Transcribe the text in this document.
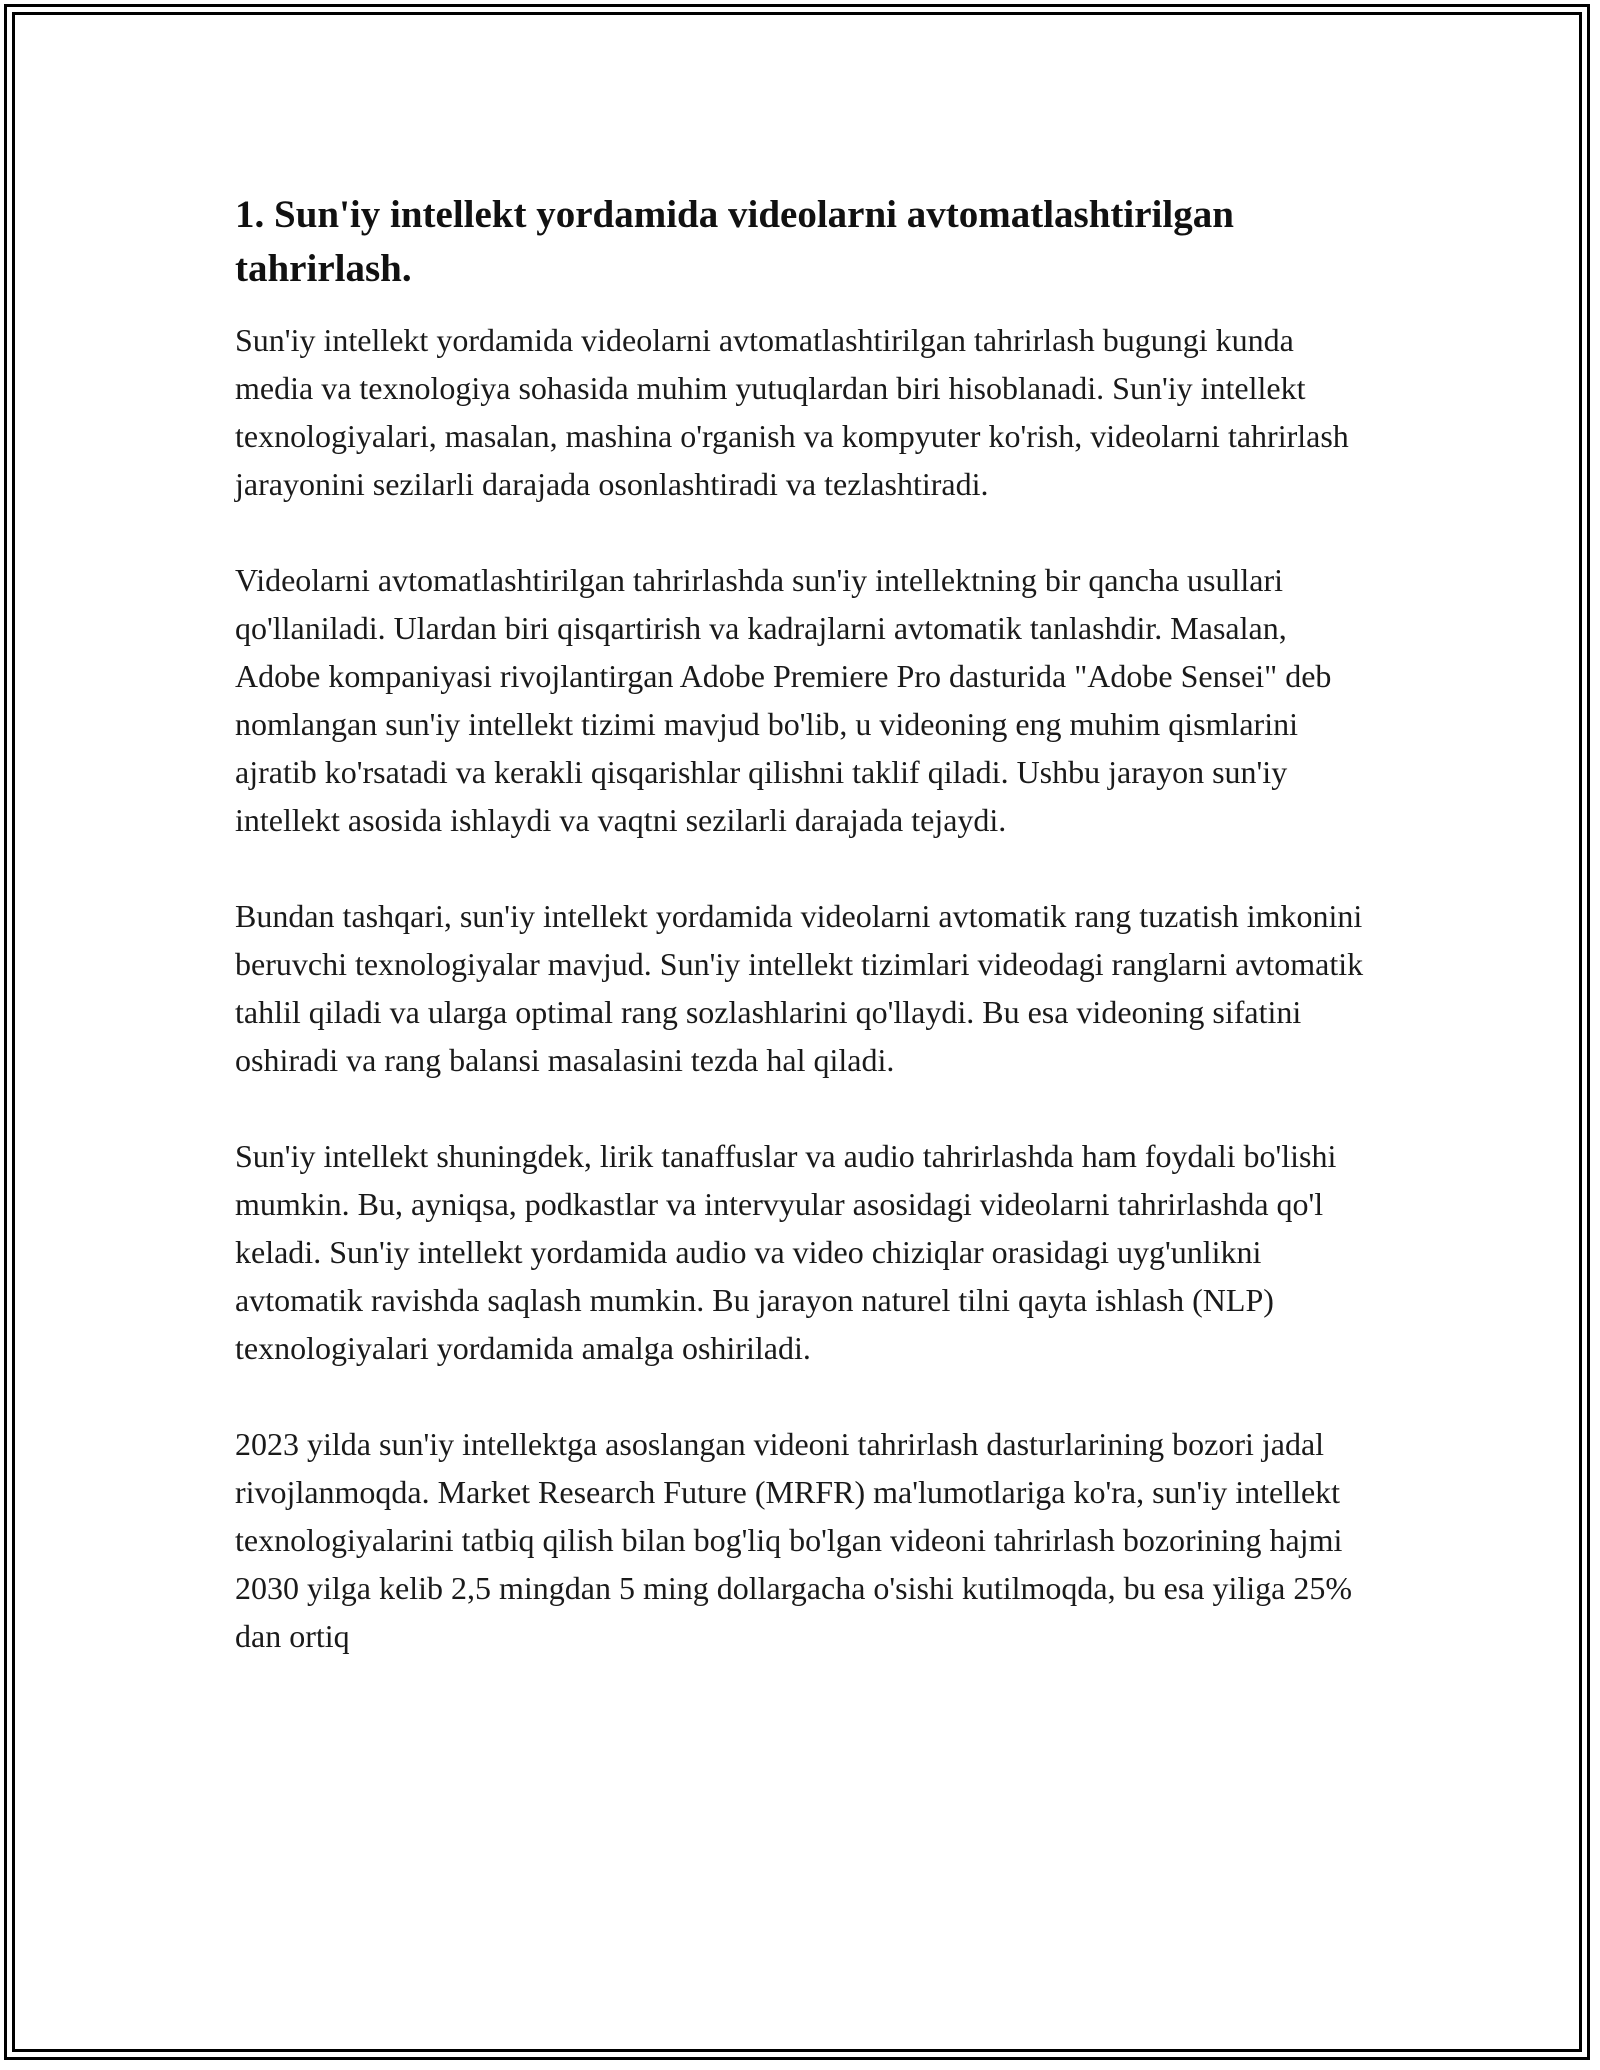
1. Sun'iy intellekt yordamida videolarni avtomatlashtirilgan tahrirlash.

Sun'iy intellekt yordamida videolarni avtomatlashtirilgan tahrirlash bugungi kunda media va texnologiya sohasida muhim yutuqlardan biri hisoblanadi. Sun'iy intellekt texnologiyalari, masalan, mashina o'rganish va kompyuter ko'rish, videolarni tahrirlash jarayonini sezilarli darajada osonlashtiradi va tezlashtiradi.

Videolarni avtomatlashtirilgan tahrirlashda sun'iy intellektning bir qancha usullari qo'llaniladi. Ulardan biri qisqartirish va kadrajlarni avtomatik tanlashdir. Masalan, Adobe kompaniyasi rivojlantirgan Adobe Premiere Pro dasturida "Adobe Sensei" deb nomlangan sun'iy intellekt tizimi mavjud bo'lib, u videoning eng muhim qismlarini ajratib ko'rsatadi va kerakli qisqarishlar qilishni taklif qiladi. Ushbu jarayon sun'iy intellekt asosida ishlaydi va vaqtni sezilarli darajada tejaydi.

Bundan tashqari, sun'iy intellekt yordamida videolarni avtomatik rang tuzatish imkonini beruvchi texnologiyalar mavjud. Sun'iy intellekt tizimlari videodagi ranglarni avtomatik tahlil qiladi va ularga optimal rang sozlashlarini qo'llaydi. Bu esa videoning sifatini oshiradi va rang balansi masalasini tezda hal qiladi.

Sun'iy intellekt shuningdek, lirik tanaffuslar va audio tahrirlashda ham foydali bo'lishi mumkin. Bu, ayniqsa, podkastlar va intervyular asosidagi videolarni tahrirlashda qo'l keladi. Sun'iy intellekt yordamida audio va video chiziqlar orasidagi uyg'unlikni avtomatik ravishda saqlash mumkin. Bu jarayon naturel tilni qayta ishlash (NLP) texnologiyalari yordamida amalga oshiriladi.

2023 yilda sun'iy intellektga asoslangan videoni tahrirlash dasturlarining bozori jadal rivojlanmoqda. Market Research Future (MRFR) ma'lumotlariga ko'ra, sun'iy intellekt texnologiyalarini tatbiq qilish bilan bog'liq bo'lgan videoni tahrirlash bozorining hajmi 2030 yilga kelib 2,5 mingdan 5 ming dollargacha o'sishi kutilmoqda, bu esa yiliga 25% dan ortiq
